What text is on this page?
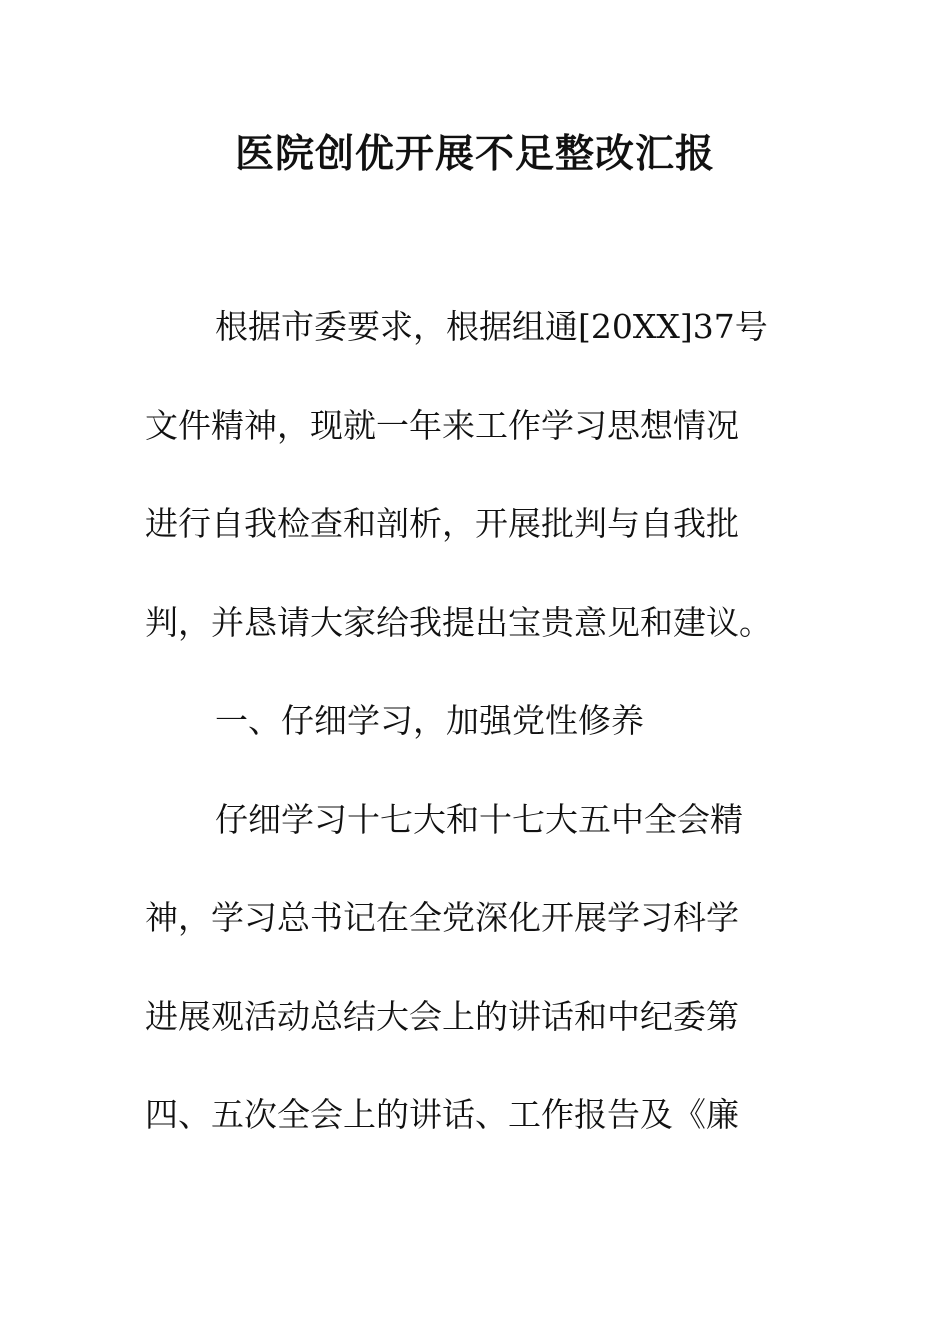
医院创优开展不足整改汇报

根据市委要求，根据组通[20XX]37号

文件精神，现就一年来工作学习思想情况

进行自我检查和剖析，开展批判与自我批

判，并恳请大家给我提出宝贵意见和建议。

一、仔细学习，加强党性修养

仔细学习十七大和十七大五中全会精

神，学习总书记在全党深化开展学习科学

进展观活动总结大会上的讲话和中纪委第

四、五次全会上的讲话、工作报告及《廉
